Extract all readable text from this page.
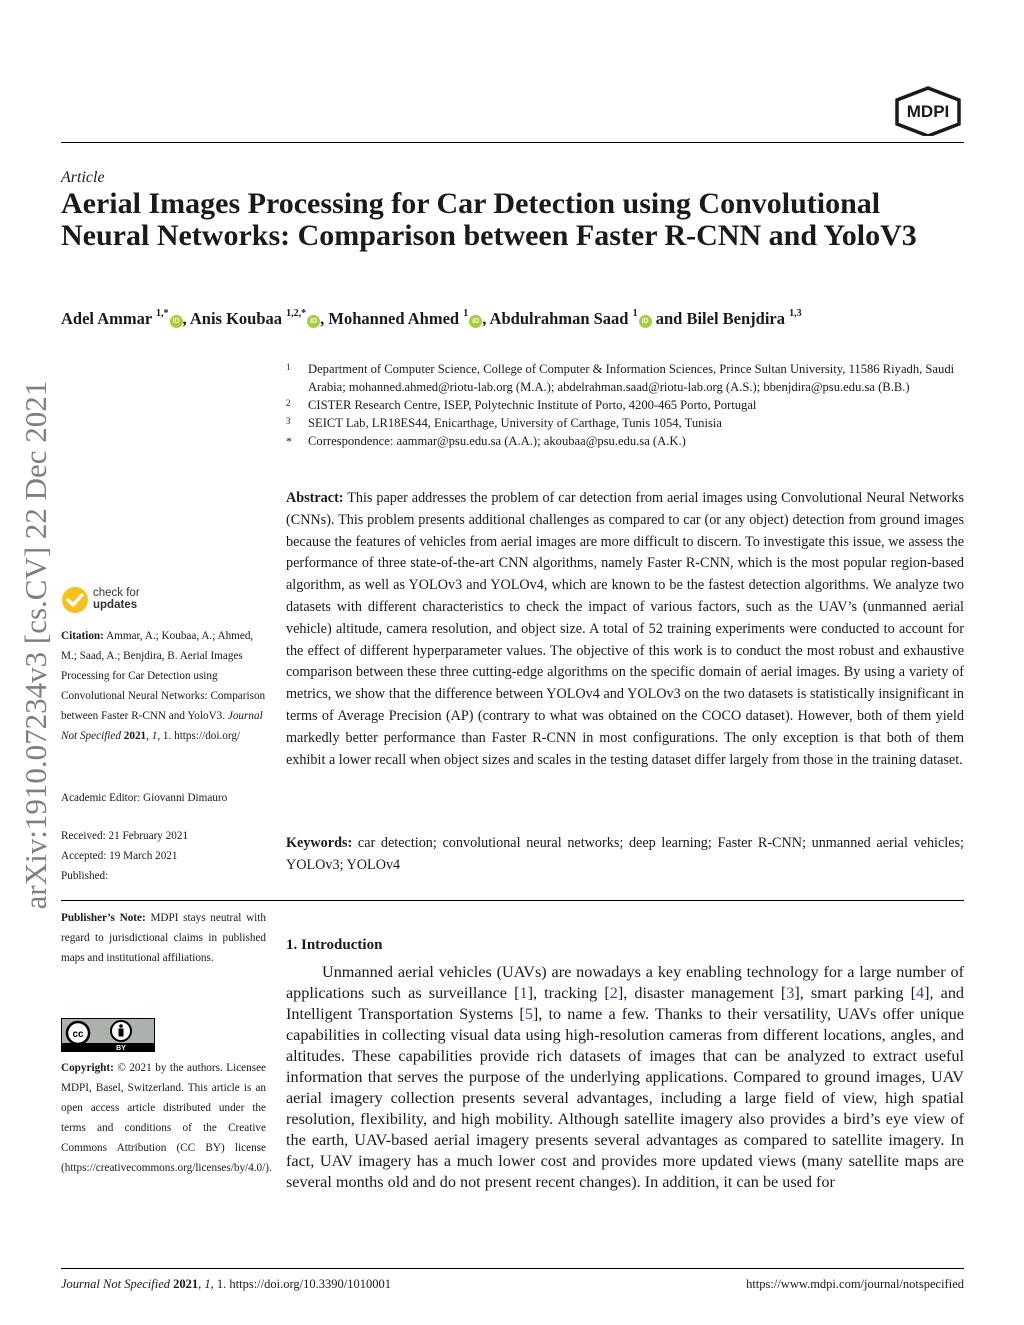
MDPI
Article
Aerial Images Processing for Car Detection using Convolutional Neural Networks: Comparison between Faster R-CNN and YoloV3
Adel Ammar $^{1,*}$iD , Anis Koubaa $^{1,2,*}$iD , Mohanned Ahmed $^1$iD , Abdulrahman Saad $^1$iD and Bilel Benjdira $^{1,3}$
arXiv:1910.07234v3 [cs.CV] 22 Dec 2021
1 Department of Computer Science, College of Computer & Information Sciences, Prince Sultan University, 11586 Riyadh, Saudi Arabia; mohanned.ahmed@riotu-lab.org (M.A.); abdelrahman.saad@riotu-lab.org (A.S.); bbenjdira@psu.edu.sa (B.B.)
2 CISTER Research Centre, ISEP, Polytechnic Institute of Porto, 4200-465 Porto, Portugal
3 SEICT Lab, LR18ES44, Enicarthage, University of Carthage, Tunis 1054, Tunisia
* Correspondence: aammar@psu.edu.sa (A.A.); akoubaa@psu.edu.sa (A.K.)

Abstract: This paper addresses the problem of car detection from aerial images using Convolutional Neural Networks (CNNs). This problem presents additional challenges as compared to car (or any object) detection from ground images because the features of vehicles from aerial images are more difficult to discern. To investigate this issue, we assess the performance of three state-of-the-art CNN algorithms, namely Faster R-CNN, which is the most popular region-based algorithm, as well as YOLOv3 and YOLOv4, which are known to be the fastest detection algorithms. We analyze two datasets with different characteristics to check the impact of various factors, such as the UAV’s (unmanned aerial vehicle) altitude, camera resolution, and object size. A total of 52 training experiments were conducted to account for the effect of different hyperparameter values. The objective of this work is to conduct the most robust and exhaustive comparison between these three cutting-edge algorithms on the specific domain of aerial images. By using a variety of metrics, we show that the difference between YOLOv4 and YOLOv3 on the two datasets is statistically insignificant in terms of Average Precision (AP) (contrary to what was obtained on the COCO dataset). However, both of them yield markedly better performance than Faster R-CNN in most configurations. The only exception is that both of them exhibit a lower recall when object sizes and scales in the testing dataset differ largely from those in the training dataset.

Keywords: car detection; convolutional neural networks; deep learning; Faster R-CNN; unmanned aerial vehicles; YOLOv3; YOLOv4

1. Introduction

Unmanned aerial vehicles (UAVs) are nowadays a key enabling technology for a large number of applications such as surveillance [1], tracking [2], disaster management [3], smart parking [4], and Intelligent Transportation Systems [5], to name a few. Thanks to their versatility, UAVs offer unique capabilities in collecting visual data using high-resolution cameras from different locations, angles, and altitudes. These capabilities provide rich datasets of images that can be analyzed to extract useful information that serves the purpose of the underlying applications. Compared to ground images, UAV aerial imagery collection presents several advantages, including a large field of view, high spatial resolution, flexibility, and high mobility. Although satellite imagery also provides a bird’s eye view of the earth, UAV-based aerial imagery presents several advantages as compared to satellite imagery. In fact, UAV imagery has a much lower cost and provides more updated views (many satellite maps are several months old and do not present recent changes). In addition, it can be used for

check for
updates
Citation: Ammar, A.; Koubaa, A.; Ahmed, M.; Saad, A.; Benjdira, B. Aerial Images Processing for Car Detection using Convolutional Neural Networks: Comparison between Faster R-CNN and YoloV3. Journal Not Specified 2021, 1, 1. https://doi.org/
Academic Editor: Giovanni Dimauro
Received: 21 February 2021
Accepted: 19 March 2021
Published:
Publisher’s Note: MDPI stays neutral with regard to jurisdictional claims in published maps and institutional affiliations.
cc
BY
Copyright: © 2021 by the authors. Licensee MDPI, Basel, Switzerland. This article is an open access article distributed under the terms and conditions of the Creative Commons Attribution (CC BY) license (https://creativecommons.org/licenses/by/4.0/).
Journal Not Specified 2021, 1, 1. https://doi.org/10.3390/1010001	https://www.mdpi.com/journal/notspecified
